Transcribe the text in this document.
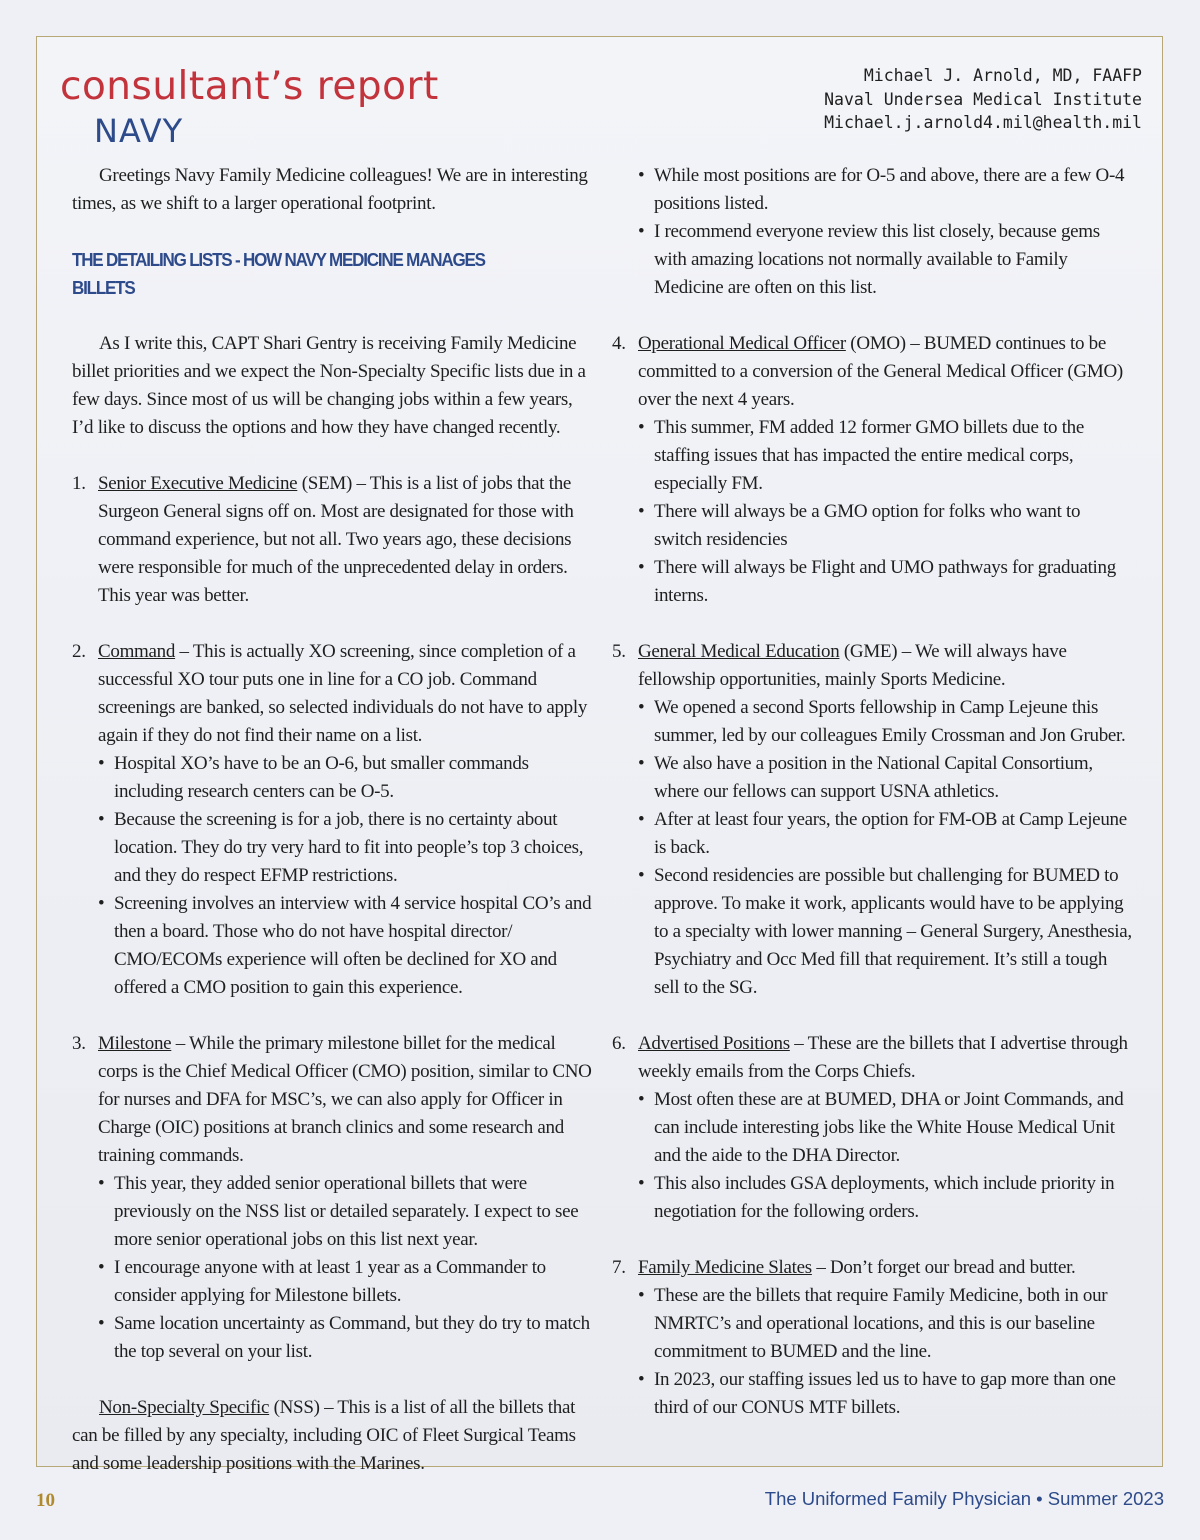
consultant’s report
NAVY
Michael J. Arnold, MD, FAAFP
Naval Undersea Medical Institute
Michael.j.arnold4.mil@health.mil
Greetings Navy Family Medicine colleagues! We are in interesting times, as we shift to a larger operational footprint.
THE DETAILING LISTS - HOW NAVY MEDICINE MANAGES BILLETS
As I write this, CAPT Shari Gentry is receiving Family Medicine billet priorities and we expect the Non-Specialty Specific lists due in a few days. Since most of us will be changing jobs within a few years, I’d like to discuss the options and how they have changed recently.
1. Senior Executive Medicine (SEM) – This is a list of jobs that the Surgeon General signs off on. Most are designated for those with command experience, but not all. Two years ago, these decisions were responsible for much of the unprecedented delay in orders. This year was better.
2. Command – This is actually XO screening, since completion of a successful XO tour puts one in line for a CO job. Command screenings are banked, so selected individuals do not have to apply again if they do not find their name on a list.
• Hospital XO’s have to be an O-6, but smaller commands including research centers can be O-5.
• Because the screening is for a job, there is no certainty about location. They do try very hard to fit into people’s top 3 choices, and they do respect EFMP restrictions.
• Screening involves an interview with 4 service hospital CO’s and then a board. Those who do not have hospital director/ CMO/ECOMs experience will often be declined for XO and offered a CMO position to gain this experience.
3. Milestone – While the primary milestone billet for the medical corps is the Chief Medical Officer (CMO) position, similar to CNO for nurses and DFA for MSC’s, we can also apply for Officer in Charge (OIC) positions at branch clinics and some research and training commands.
• This year, they added senior operational billets that were previously on the NSS list or detailed separately. I expect to see more senior operational jobs on this list next year.
• I encourage anyone with at least 1 year as a Commander to consider applying for Milestone billets.
• Same location uncertainty as Command, but they do try to match the top several on your list.
Non-Specialty Specific (NSS) – This is a list of all the billets that can be filled by any specialty, including OIC of Fleet Surgical Teams and some leadership positions with the Marines.
• While most positions are for O-5 and above, there are a few O-4 positions listed.
• I recommend everyone review this list closely, because gems with amazing locations not normally available to Family Medicine are often on this list.
4. Operational Medical Officer (OMO) – BUMED continues to be committed to a conversion of the General Medical Officer (GMO) over the next 4 years.
• This summer, FM added 12 former GMO billets due to the staffing issues that has impacted the entire medical corps, especially FM.
• There will always be a GMO option for folks who want to switch residencies
• There will always be Flight and UMO pathways for graduating interns.
5. General Medical Education (GME) – We will always have fellowship opportunities, mainly Sports Medicine.
• We opened a second Sports fellowship in Camp Lejeune this summer, led by our colleagues Emily Crossman and Jon Gruber.
• We also have a position in the National Capital Consortium, where our fellows can support USNA athletics.
• After at least four years, the option for FM-OB at Camp Lejeune is back.
• Second residencies are possible but challenging for BUMED to approve. To make it work, applicants would have to be applying to a specialty with lower manning – General Surgery, Anesthesia, Psychiatry and Occ Med fill that requirement. It’s still a tough sell to the SG.
6. Advertised Positions – These are the billets that I advertise through weekly emails from the Corps Chiefs.
• Most often these are at BUMED, DHA or Joint Commands, and can include interesting jobs like the White House Medical Unit and the aide to the DHA Director.
• This also includes GSA deployments, which include priority in negotiation for the following orders.
7. Family Medicine Slates – Don’t forget our bread and butter.
• These are the billets that require Family Medicine, both in our NMRTC’s and operational locations, and this is our baseline commitment to BUMED and the line.
• In 2023, our staffing issues led us to have to gap more than one third of our CONUS MTF billets.
10	The Uniformed Family Physician • Summer 2023
